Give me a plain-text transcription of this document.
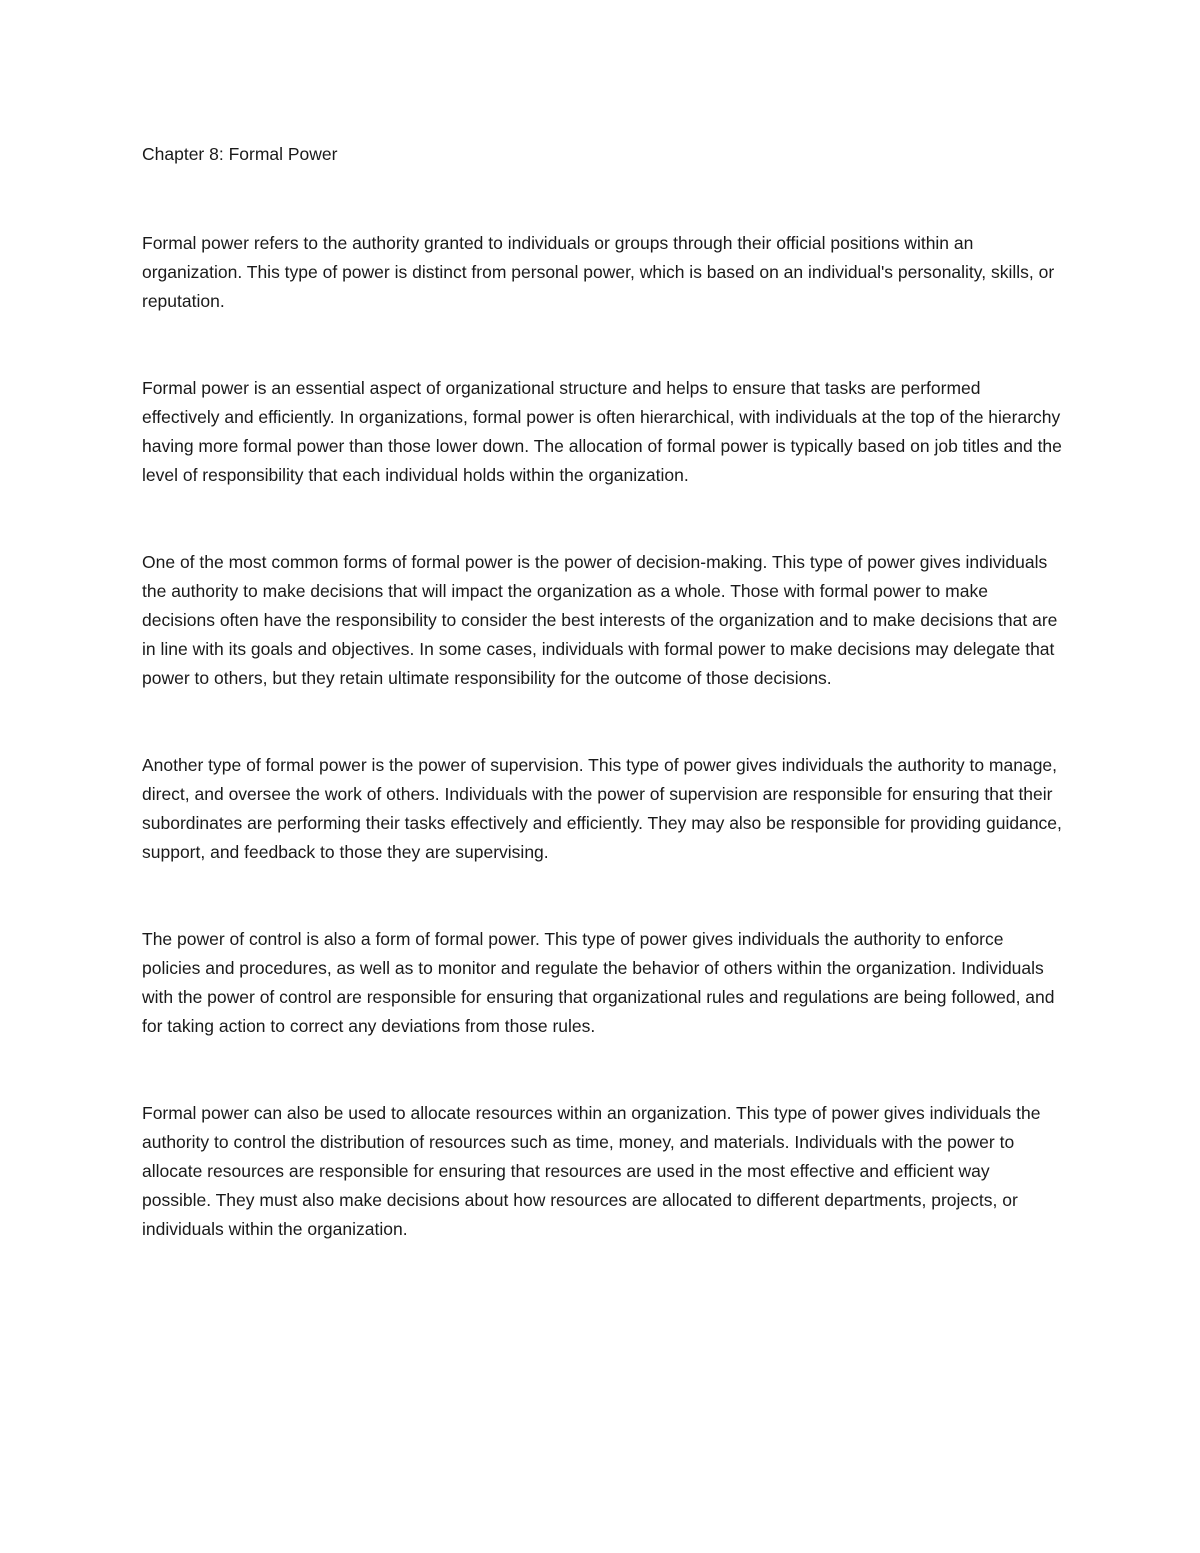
Chapter 8: Formal Power

Formal power refers to the authority granted to individuals or groups through their official positions within an organization. This type of power is distinct from personal power, which is based on an individual's personality, skills, or reputation.

Formal power is an essential aspect of organizational structure and helps to ensure that tasks are performed effectively and efficiently. In organizations, formal power is often hierarchical, with individuals at the top of the hierarchy having more formal power than those lower down. The allocation of formal power is typically based on job titles and the level of responsibility that each individual holds within the organization.

One of the most common forms of formal power is the power of decision-making. This type of power gives individuals the authority to make decisions that will impact the organization as a whole. Those with formal power to make decisions often have the responsibility to consider the best interests of the organization and to make decisions that are in line with its goals and objectives. In some cases, individuals with formal power to make decisions may delegate that power to others, but they retain ultimate responsibility for the outcome of those decisions.

Another type of formal power is the power of supervision. This type of power gives individuals the authority to manage, direct, and oversee the work of others. Individuals with the power of supervision are responsible for ensuring that their subordinates are performing their tasks effectively and efficiently. They may also be responsible for providing guidance, support, and feedback to those they are supervising.

The power of control is also a form of formal power. This type of power gives individuals the authority to enforce policies and procedures, as well as to monitor and regulate the behavior of others within the organization. Individuals with the power of control are responsible for ensuring that organizational rules and regulations are being followed, and for taking action to correct any deviations from those rules.

Formal power can also be used to allocate resources within an organization. This type of power gives individuals the authority to control the distribution of resources such as time, money, and materials. Individuals with the power to allocate resources are responsible for ensuring that resources are used in the most effective and efficient way possible. They must also make decisions about how resources are allocated to different departments, projects, or individuals within the organization.
